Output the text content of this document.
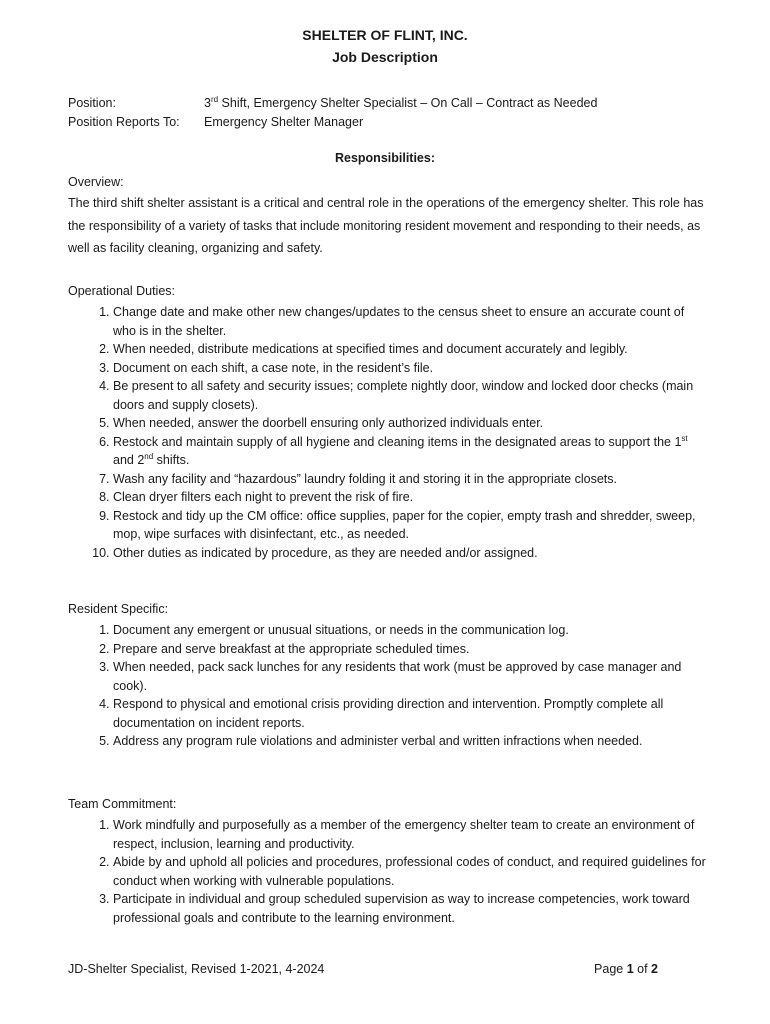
SHELTER OF FLINT, INC.
Job Description
Position:	3rd Shift, Emergency Shelter Specialist – On Call – Contract as Needed
Position Reports To:	Emergency Shelter Manager
Responsibilities:
Overview:
The third shift shelter assistant is a critical and central role in the operations of the emergency shelter. This role has the responsibility of a variety of tasks that include monitoring resident movement and responding to their needs, as well as facility cleaning, organizing and safety.
Operational Duties:
1. Change date and make other new changes/updates to the census sheet to ensure an accurate count of who is in the shelter.
2. When needed, distribute medications at specified times and document accurately and legibly.
3. Document on each shift, a case note, in the resident’s file.
4. Be present to all safety and security issues; complete nightly door, window and locked door checks (main doors and supply closets).
5. When needed, answer the doorbell ensuring only authorized individuals enter.
6. Restock and maintain supply of all hygiene and cleaning items in the designated areas to support the 1st and 2nd shifts.
7. Wash any facility and “hazardous” laundry folding it and storing it in the appropriate closets.
8. Clean dryer filters each night to prevent the risk of fire.
9. Restock and tidy up the CM office: office supplies, paper for the copier, empty trash and shredder, sweep, mop, wipe surfaces with disinfectant, etc., as needed.
10. Other duties as indicated by procedure, as they are needed and/or assigned.
Resident Specific:
1. Document any emergent or unusual situations, or needs in the communication log.
2. Prepare and serve breakfast at the appropriate scheduled times.
3. When needed, pack sack lunches for any residents that work (must be approved by case manager and cook).
4. Respond to physical and emotional crisis providing direction and intervention. Promptly complete all documentation on incident reports.
5. Address any program rule violations and administer verbal and written infractions when needed.
Team Commitment:
1. Work mindfully and purposefully as a member of the emergency shelter team to create an environment of respect, inclusion, learning and productivity.
2. Abide by and uphold all policies and procedures, professional codes of conduct, and required guidelines for conduct when working with vulnerable populations.
3. Participate in individual and group scheduled supervision as way to increase competencies, work toward professional goals and contribute to the learning environment.
JD-Shelter Specialist, Revised 1-2021, 4-2024	Page 1 of 2
